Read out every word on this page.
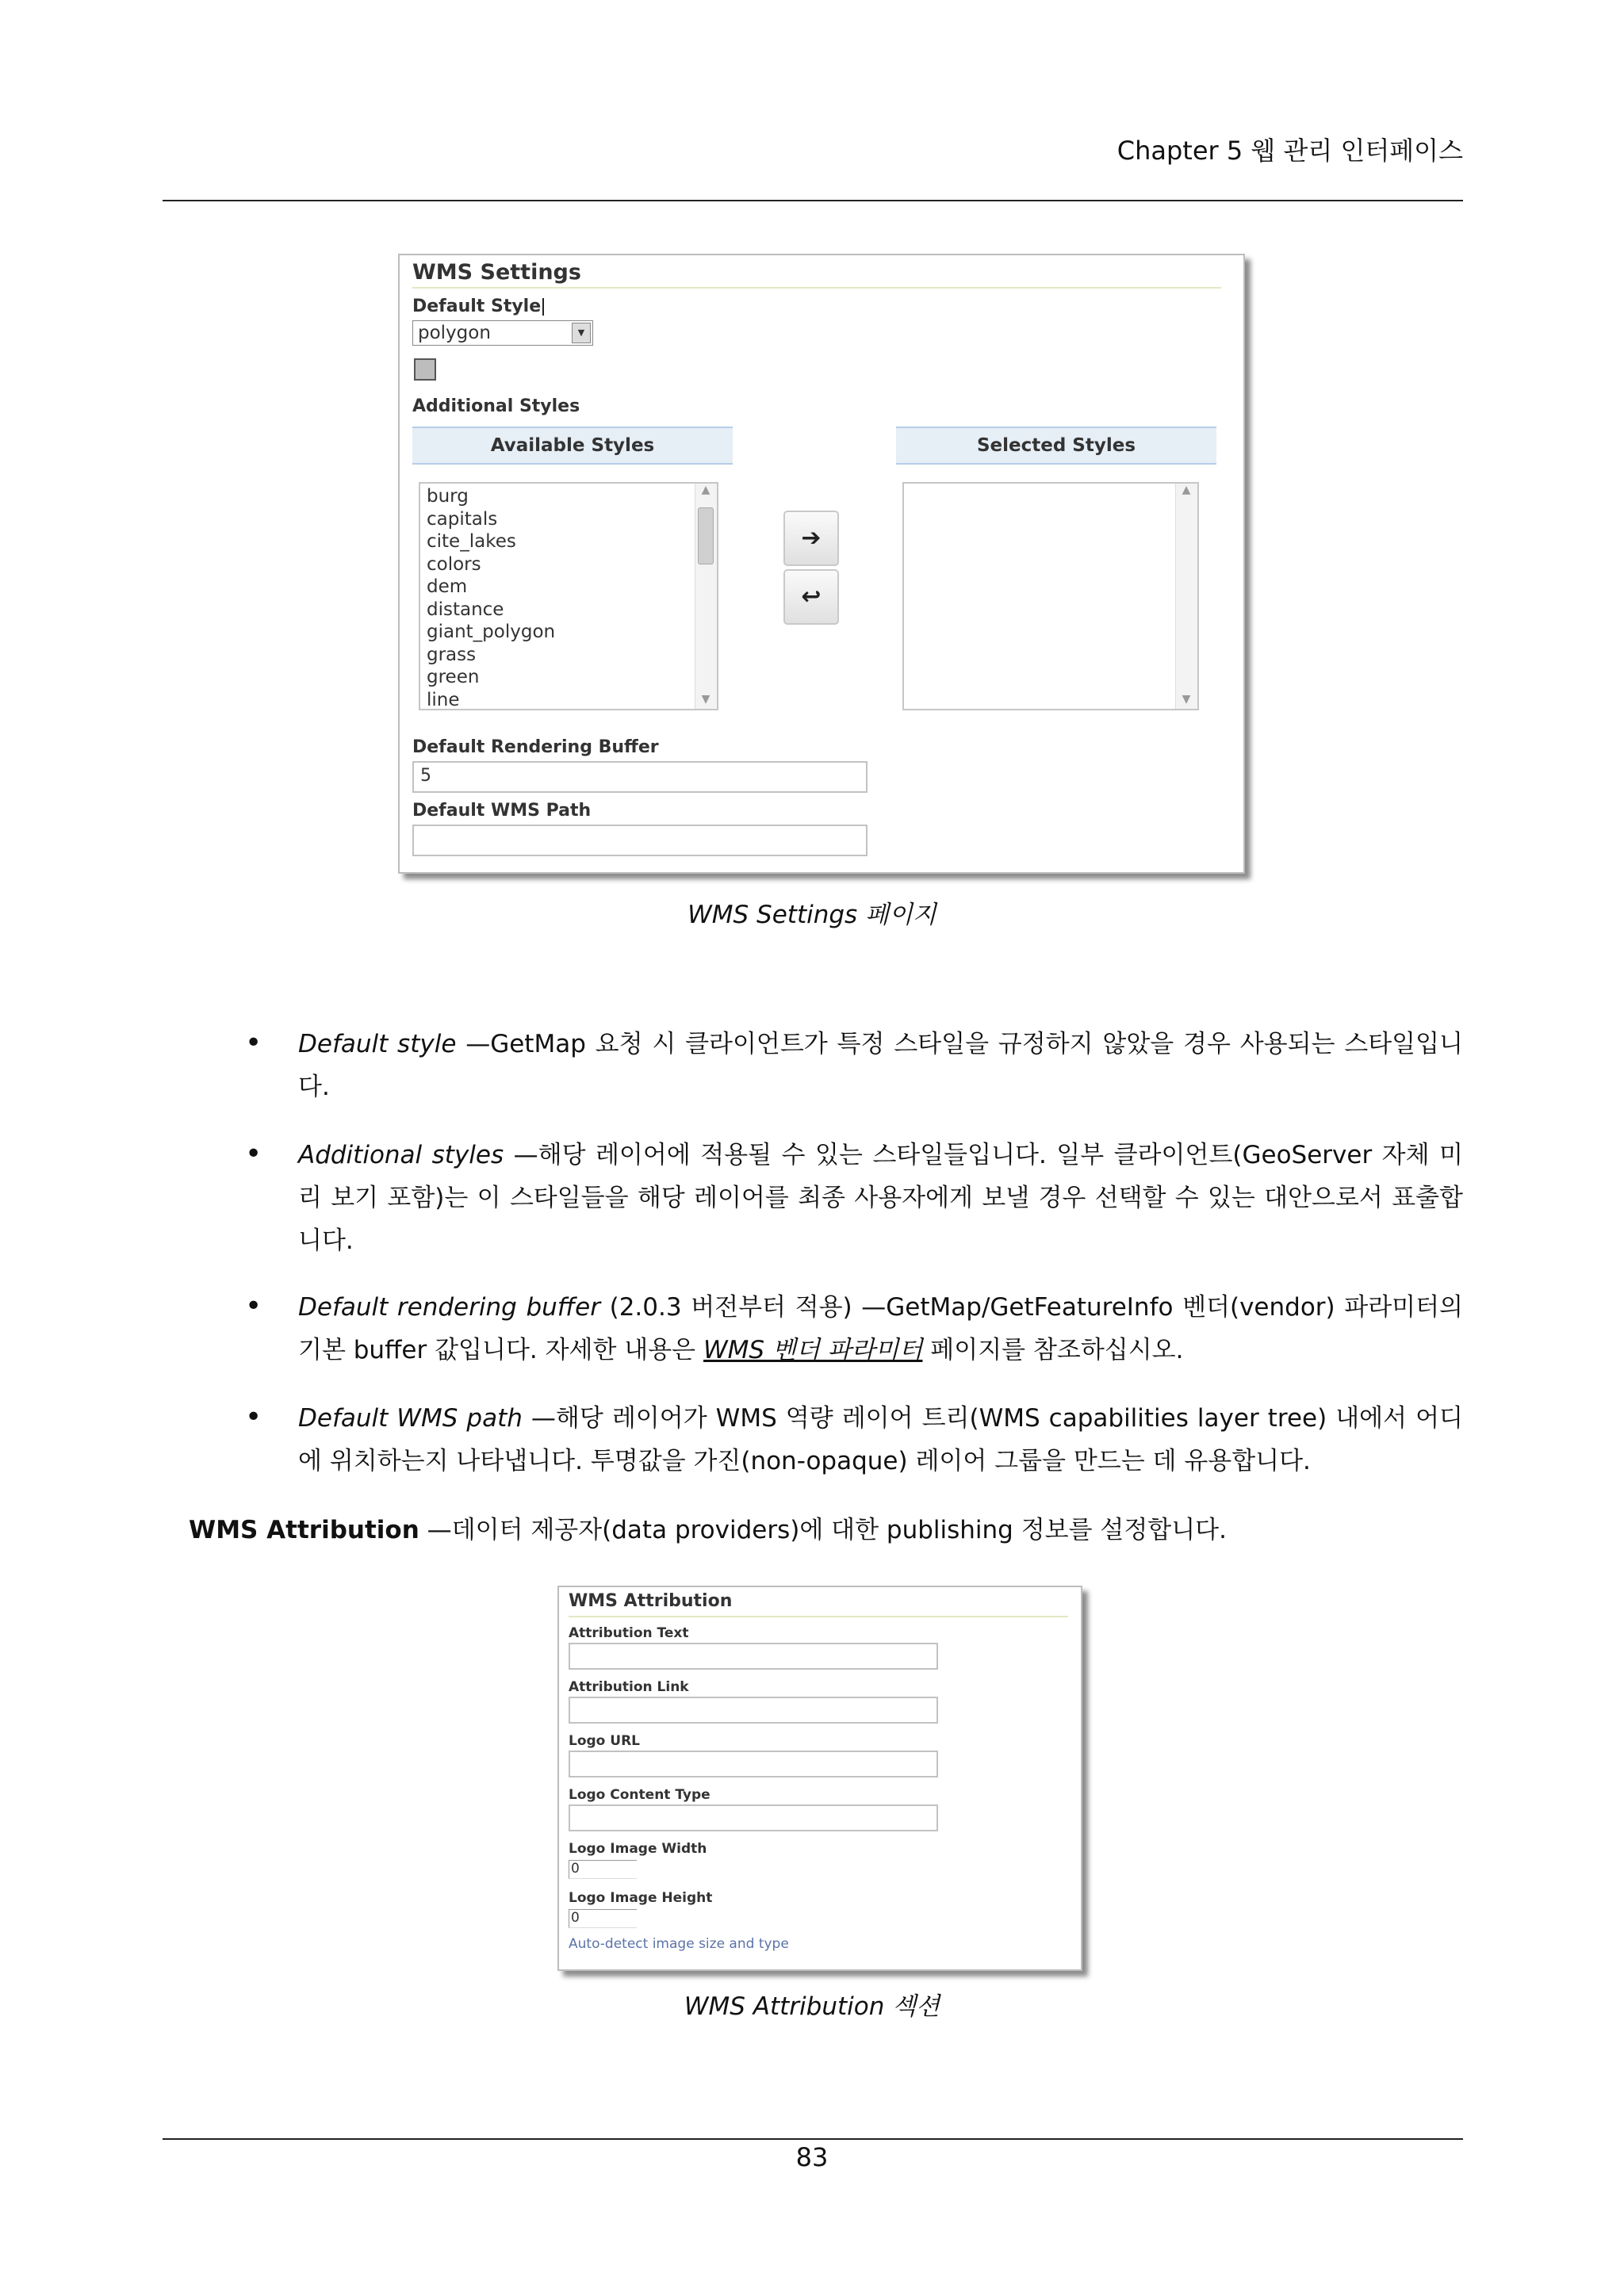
Chapter 5 웹 관리 인터페이스
WMS Settings
Default Style
polygon	▼
Additional Styles
Available Styles	Selected Styles
burg
capitals
cite_lakes
colors
dem
distance
giant_polygon
grass
green
line
▲
▼
➔
↩
▲
▼
Default Rendering Buffer
5
Default WMS Path
WMS Settings 페이지
• Default style —GetMap 요청 시 클라이언트가 특정 스타일을 규정하지 않았을 경우 사용되는 스타일입니다.
• Additional styles —해당 레이어에 적용될 수 있는 스타일들입니다. 일부 클라이언트(GeoServer 자체 미리 보기 포함)는 이 스타일들을 해당 레이어를 최종 사용자에게 보낼 경우 선택할 수 있는 대안으로서 표출합니다.
• Default rendering buffer (2.0.3 버전부터 적용) —GetMap/GetFeatureInfo 벤더(vendor) 파라미터의 기본 buffer 값입니다. 자세한 내용은 WMS 벤더 파라미터 페이지를 참조하십시오.
• Default WMS path —해당 레이어가 WMS 역량 레이어 트리(WMS capabilities layer tree) 내에서 어디에 위치하는지 나타냅니다. 투명값을 가진(non-opaque) 레이어 그룹을 만드는 데 유용합니다.
WMS Attribution —데이터 제공자(data providers)에 대한 publishing 정보를 설정합니다.
WMS Attribution
Attribution Text
Attribution Link
Logo URL
Logo Content Type
Logo Image Width
0
Logo Image Height
0
Auto-detect image size and type
WMS Attribution 섹션
83
